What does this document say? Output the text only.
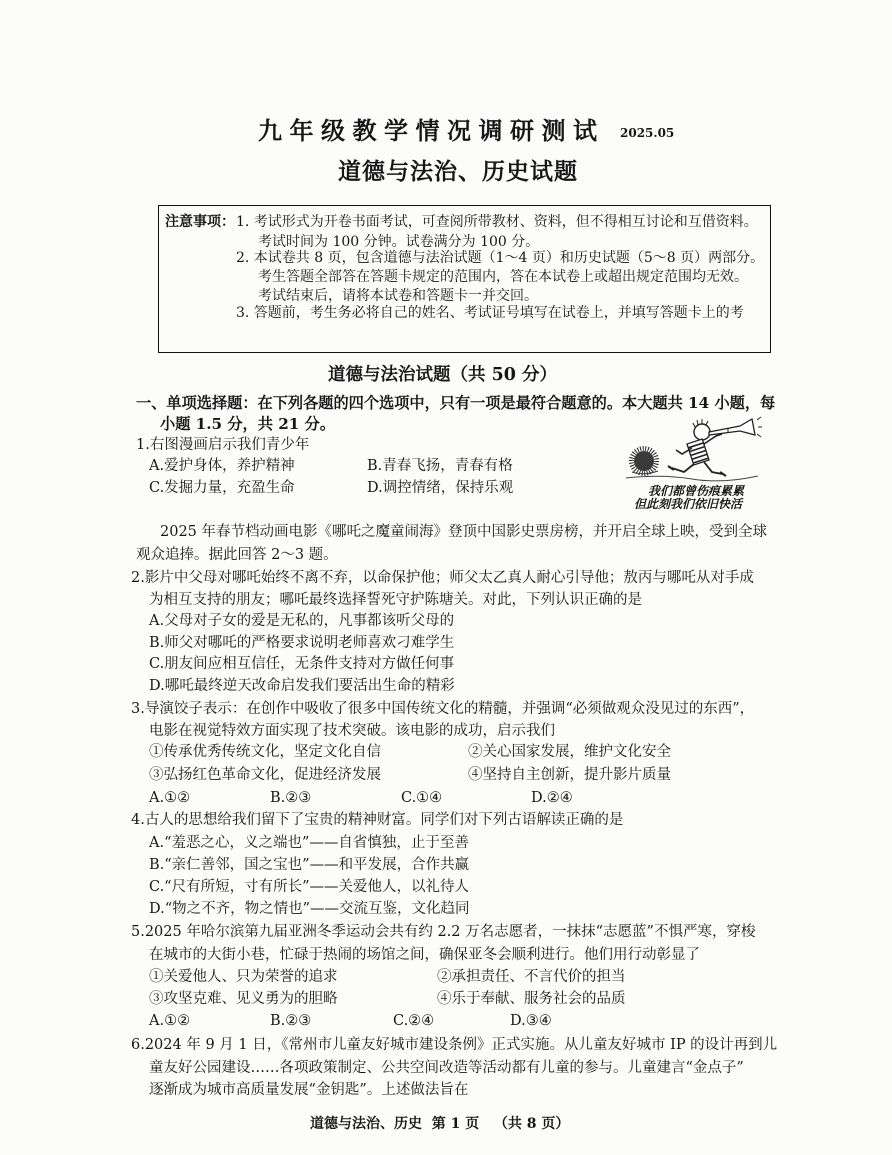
九年级教学情况调研测试 2025.05
道德与法治、历史试题
注意事项： 1. 考试形式为开卷书面考试，可查阅所带教材、资料，但不得相互讨论和互借资料。
考试时间为 100 分钟。试卷满分为 100 分。
2. 本试卷共 8 页，包含道德与法治试题（1～4 页）和历史试题（5～8 页）两部分。
考生答题全部答在答题卡规定的范围内，答在本试卷上或超出规定范围均无效。
考试结束后，请将本试卷和答题卡一并交回。
3. 答题前，考生务必将自己的姓名、考试证号填写在试卷上，并填写答题卡上的考
道德与法治试题（共 50 分）
一、单项选择题：在下列各题的四个选项中，只有一项是最符合题意的。本大题共 14 小题，每
小题 1.5 分，共 21 分。
1.右图漫画启示我们青少年
A.爱护身体，养护精神	B.青春飞扬，青春有格
C.发掘力量，充盈生命	D.调控情绪，保持乐观	我们都曾伤痕累累
但此刻我们依旧快活
2025 年春节档动画电影《哪吒之魔童闹海》登顶中国影史票房榜，并开启全球上映，受到全球
观众追捧。据此回答 2～3 题。
2.影片中父母对哪吒始终不离不弃，以命保护他；师父太乙真人耐心引导他；敖丙与哪吒从对手成
为相互支持的朋友；哪吒最终选择誓死守护陈塘关。对此，下列认识正确的是
A.父母对子女的爱是无私的，凡事都该听父母的
B.师父对哪吒的严格要求说明老师喜欢刁难学生
C.朋友间应相互信任，无条件支持对方做任何事
D.哪吒最终逆天改命启发我们要活出生命的精彩
3.导演饺子表示：在创作中吸收了很多中国传统文化的精髓，并强调“必须做观众没见过的东西”，
电影在视觉特效方面实现了技术突破。该电影的成功，启示我们
①传承优秀传统文化，坚定文化自信	②关心国家发展，维护文化安全
③弘扬红色革命文化，促进经济发展	④坚持自主创新，提升影片质量
A.①②	B.②③	C.①④	D.②④
4.古人的思想给我们留下了宝贵的精神财富。同学们对下列古语解读正确的是
A.“羞恶之心，义之端也”——自省慎独，止于至善
B.“亲仁善邻，国之宝也”——和平发展，合作共赢
C.“尺有所短，寸有所长”——关爱他人，以礼待人
D.“物之不齐，物之情也”——交流互鉴，文化趋同
5.2025 年哈尔滨第九届亚洲冬季运动会共有约 2.2 万名志愿者，一抹抹“志愿蓝”不惧严寒，穿梭
在城市的大街小巷，忙碌于热闹的场馆之间，确保亚冬会顺利进行。他们用行动彰显了
①关爱他人、只为荣誉的追求	②承担责任、不言代价的担当
③攻坚克难、见义勇为的胆略	④乐于奉献、服务社会的品质
A.①②	B.②③	C.②④	D.③④
6.2024 年 9 月 1 日，《常州市儿童友好城市建设条例》正式实施。从儿童友好城市 IP 的设计再到儿
童友好公园建设……各项政策制定、公共空间改造等活动都有儿童的参与。儿童建言“金点子”
逐渐成为城市高质量发展“金钥匙”。上述做法旨在
道德与法治、历史  第 1 页   （共 8 页）
